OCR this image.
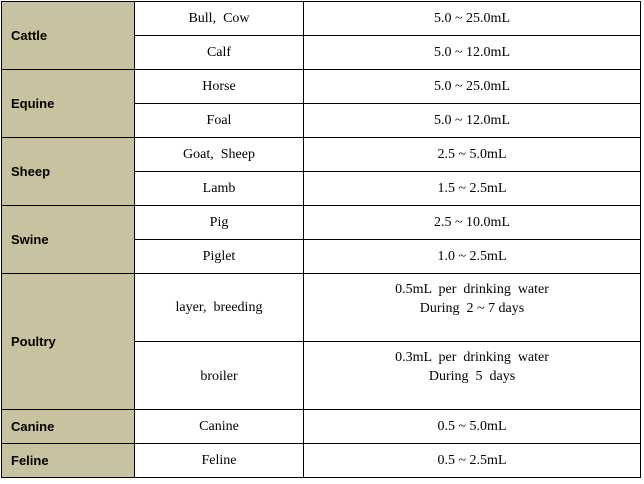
Cattle	Bull,  Cow	5.0 ~ 25.0mL

	Calf	5.0 ~ 12.0mL

Equine	Horse	5.0 ~ 25.0mL

	Foal	5.0 ~ 12.0mL

Sheep	Goat,  Sheep	2.5 ~ 5.0mL

	Lamb	1.5 ~ 2.5mL

Swine	Pig	2.5 ~ 10.0mL

	Piglet	1.0 ~ 2.5mL

Poultry	layer,  breeding	0.5mL  per  drinking  water
During  2 ~ 7 days

	broiler	0.3mL  per  drinking  water
During  5  days

Canine	Canine	0.5 ~ 5.0mL

Feline	Feline	0.5 ~ 2.5mL
